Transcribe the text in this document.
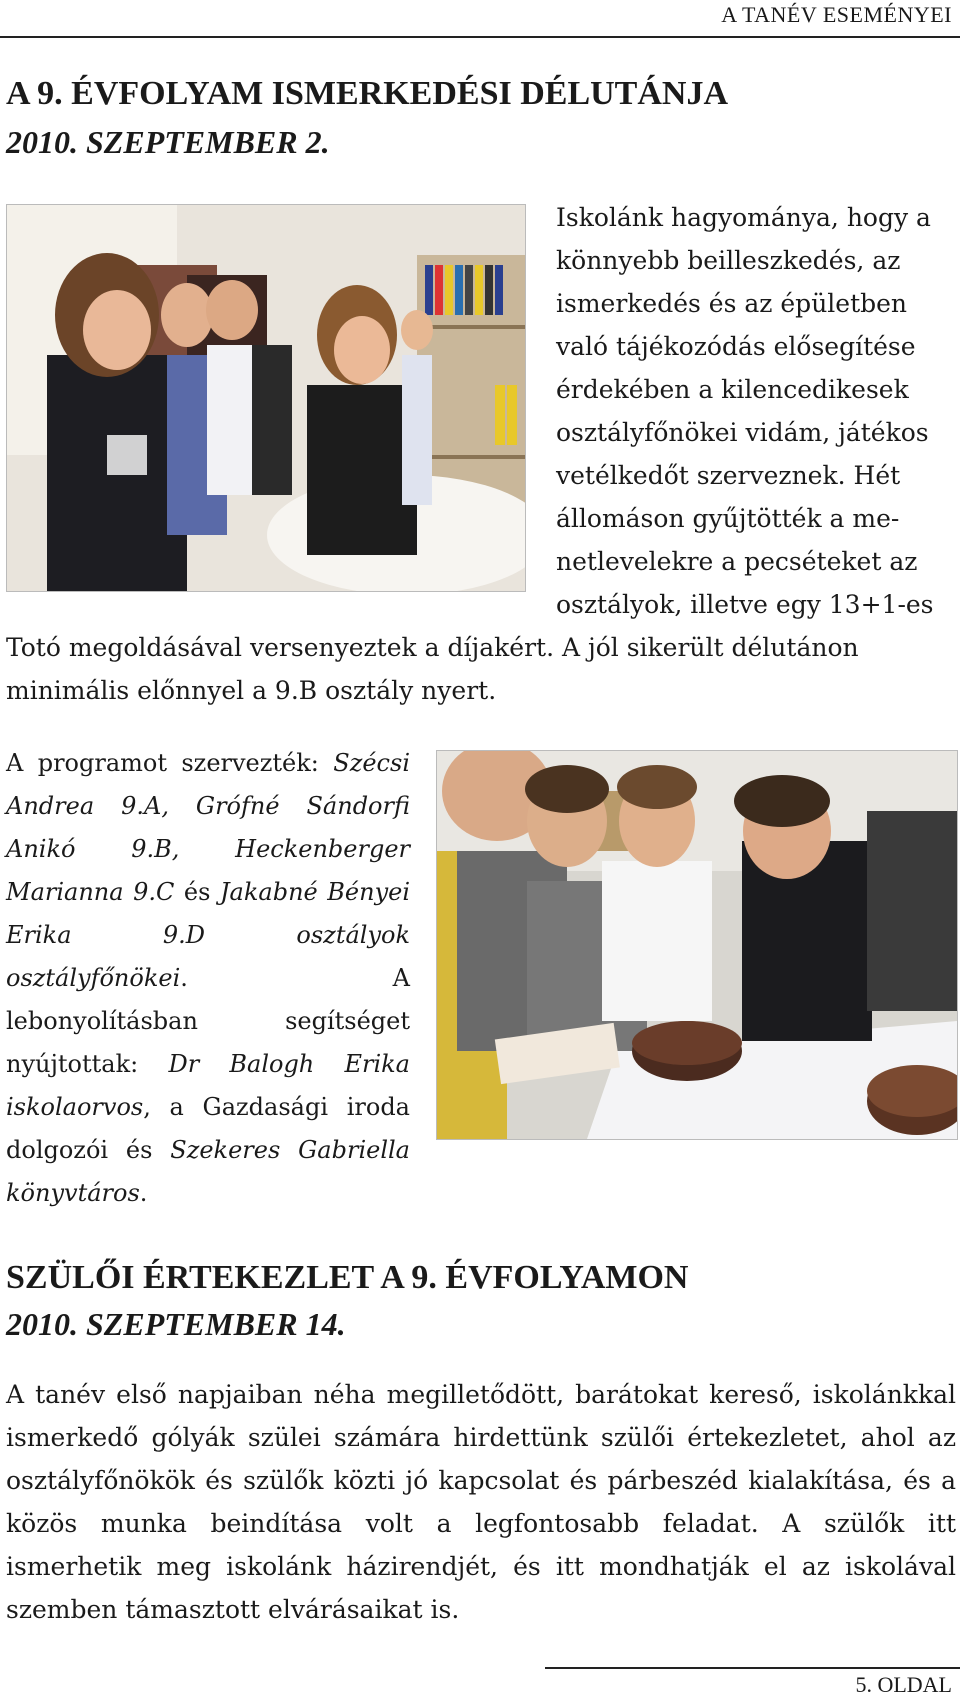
A TANÉV ESEMÉNYEI
A 9. ÉVFOLYAM ISMERKEDÉSI DÉLUTÁNJA
2010. SZEPTEMBER 2.
Iskolánk hagyománya, hogy a
könnyebb beilleszkedés, az
ismerkedés és az épületben
való tájékozódás elősegítése
érdekében a kilencedikesek
osztályfőnökei vidám, játékos
vetélkedőt szerveznek. Hét
állomáson gyűjtötték a me-
netlevelekre a pecséteket az
osztályok, illetve egy 13+1-es
Totó megoldásával versenyeztek a díjakért. A jól sikerült délutánon
minimális előnnyel a 9.B osztály nyert.
A programot szervezték: Szécsi Andrea 9.A, Grófné Sándorfi Anikó 9.B, Heckenberger Marianna 9.C és Jakabné Bényei Erika 9.D osztályok osztályfőnökei. A lebonyolításban segítséget nyújtottak: Dr Balogh Erika iskolaorvos, a Gazdasági iroda dolgozói és Szekeres Gabriella könyvtáros.
SZÜLŐI ÉRTEKEZLET A 9. ÉVFOLYAMON
2010. SZEPTEMBER 14.
A tanév első napjaiban néha megilletődött, barátokat kereső, iskolánkkal ismerkedő gólyák szülei számára hirdettünk szülői értekezletet, ahol az osztályfőnökök és szülők közti jó kapcsolat és párbeszéd kialakítása, és a közös munka beindítása volt a legfontosabb feladat. A szülők itt ismerhetik meg iskolánk házirendjét, és itt mondhatják el az iskolával szemben támasztott elvárásaikat is.
5. OLDAL
